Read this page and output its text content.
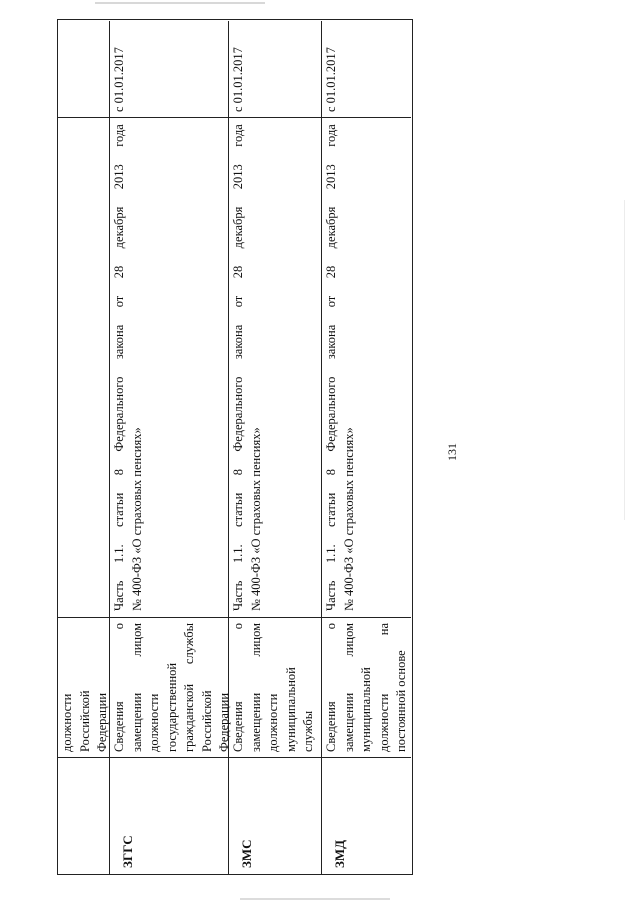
131
должности Российской Федерации
ЗГГС
Сведения
о
замещении
лицом
должности государственной гражданской
службы
Российской Федерации
Часть
1.1.
статьи
8
Федерального
закона
от
28
декабря
2013
года
№ 400-ФЗ «О страховых пенсиях»
с 01.01.2017
ЗМС
Сведения
о
замещении
лицом
должности муниципальной службы
Часть
1.1.
статьи
8
Федерального
закона
от
28
декабря
2013
года
№ 400-ФЗ «О страховых пенсиях»
с 01.01.2017
ЗМД
Сведения
о
замещении
лицом
муниципальной должности
на
постоянной основе
Часть
1.1.
статьи
8
Федерального
закона
от
28
декабря
2013
года
№ 400-ФЗ «О страховых пенсиях»
с 01.01.2017
